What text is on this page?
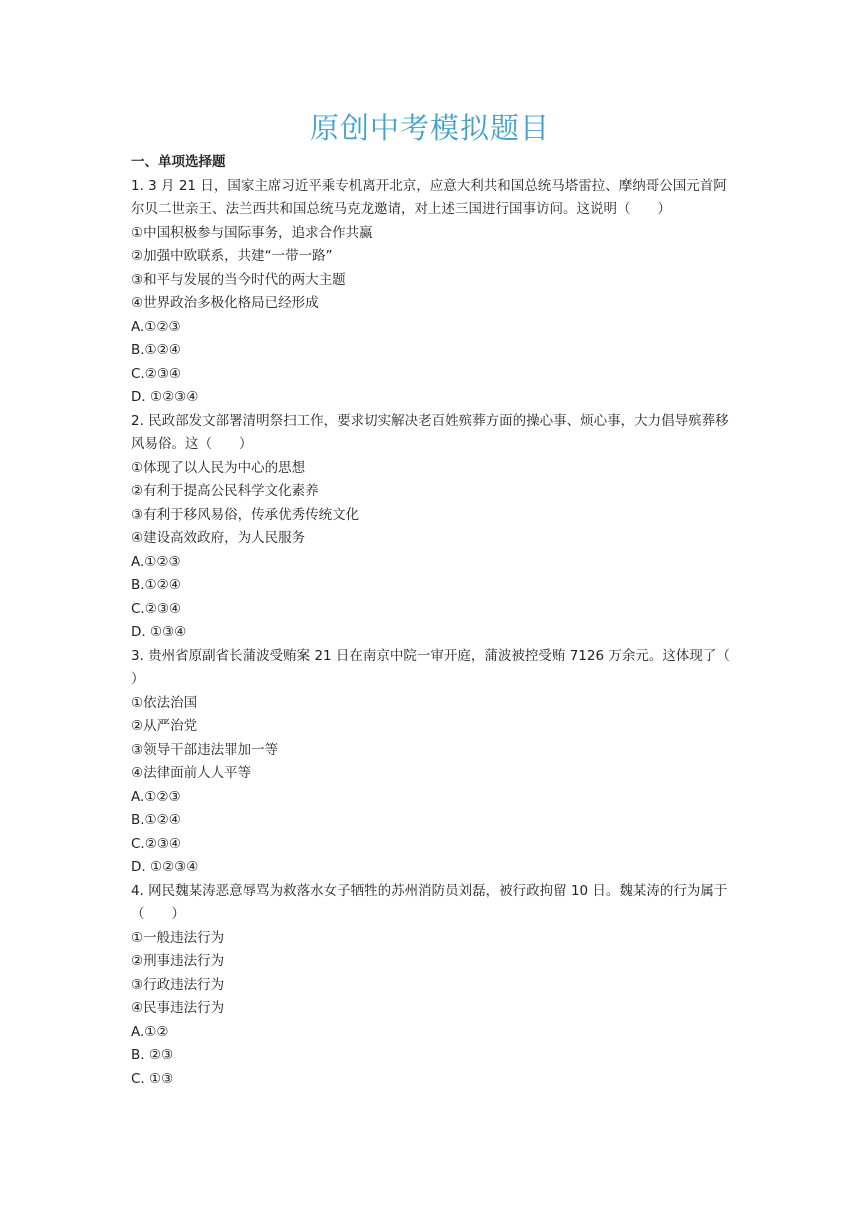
原创中考模拟题目

一、单项选择题

1. 3 月 21 日，国家主席习近平乘专机离开北京，应意大利共和国总统马塔雷拉、摩纳哥公国元首阿尔贝二世亲王、法兰西共和国总统马克龙邀请，对上述三国进行国事访问。这说明（　　）

①中国积极参与国际事务，追求合作共赢

②加强中欧联系，共建“一带一路”

③和平与发展的当今时代的两大主题

④世界政治多极化格局已经形成

A.①②③

B.①②④

C.②③④

D. ①②③④

2. 民政部发文部署清明祭扫工作，要求切实解决老百姓殡葬方面的操心事、烦心事，大力倡导殡葬移风易俗。这（　　）

①体现了以人民为中心的思想

②有利于提高公民科学文化素养

③有利于移风易俗，传承优秀传统文化

④建设高效政府，为人民服务

A.①②③

B.①②④

C.②③④

D. ①③④

3. 贵州省原副省长蒲波受贿案 21 日在南京中院一审开庭，蒲波被控受贿 7126 万余元。这体现了（　　）

①依法治国

②从严治党

③领导干部违法罪加一等

④法律面前人人平等

A.①②③

B.①②④

C.②③④

D. ①②③④

4. 网民魏某涛恶意辱骂为救落水女子牺牲的苏州消防员刘磊，被行政拘留 10 日。魏某涛的行为属于（　　）

①一般违法行为

②刑事违法行为

③行政违法行为

④民事违法行为

A.①②

B. ②③

C. ①③
